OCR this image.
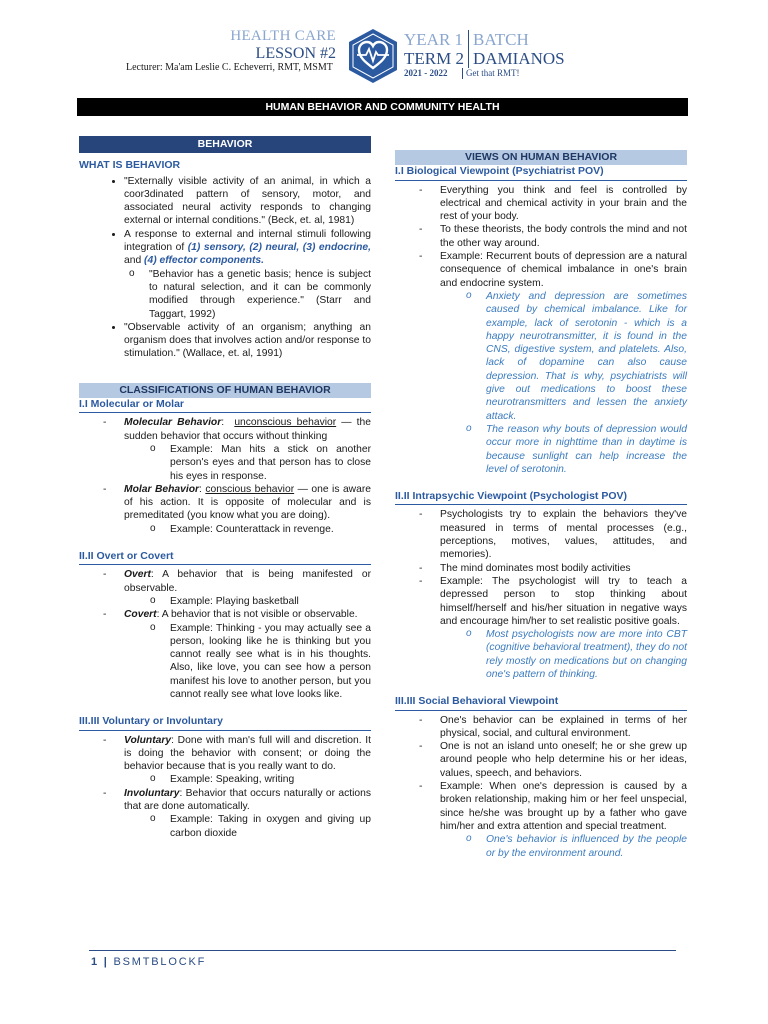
HEALTH CARE
LESSON #2
Lecturer: Ma'am Leslie C. Echeverri, RMT, MSMT
YEAR 1
TERM 2
BATCH
DAMIANOS
2021 - 2022	Get that RMT!
HUMAN BEHAVIOR AND COMMUNITY HEALTH
BEHAVIOR
WHAT IS BEHAVIOR
• "Externally visible activity of an animal, in which a coor3dinated pattern of sensory, motor, and associated neural activity responds to changing external or internal conditions." (Beck, et. al, 1981)
• A response to external and internal stimuli following integration of (1) sensory, (2) neural, (3) endocrine, and (4) effector components.
o "Behavior has a genetic basis; hence is subject to natural selection, and it can be commonly modified through experience." (Starr and Taggart, 1992)
• "Observable activity of an organism; anything an organism does that involves action and/or response to stimulation." (Wallace, et. al, 1991)
CLASSIFICATIONS OF HUMAN BEHAVIOR
I.I Molecular or Molar
- Molecular Behavior:  unconscious behavior — the sudden behavior that occurs without thinking
o Example: Man hits a stick on another person's eyes and that person has to close his eyes in response.
- Molar Behavior: conscious behavior — one is aware of his action. It is opposite of molecular and is premeditated (you know what you are doing).
o Example: Counterattack in revenge.
II.II Overt or Covert
- Overt: A behavior that is being manifested or observable.
o Example: Playing basketball
- Covert: A behavior that is not visible or observable.
o Example: Thinking - you may actually see a person, looking like he is thinking but you cannot really see what is in his thoughts. Also, like love, you can see how a person manifest his love to another person, but you cannot really see what love looks like.
III.III Voluntary or Involuntary
- Voluntary: Done with man's full will and discretion. It is doing the behavior with consent; or doing the behavior because that is you really want to do.
o Example: Speaking, writing
- Involuntary: Behavior that occurs naturally or actions that are done automatically.
o Example: Taking in oxygen and giving up carbon dioxide
VIEWS ON HUMAN BEHAVIOR
I.I Biological Viewpoint (Psychiatrist POV)
- Everything you think and feel is controlled by electrical and chemical activity in your brain and the rest of your body.
- To these theorists, the body controls the mind and not the other way around.
- Example: Recurrent bouts of depression are a natural consequence of chemical imbalance in one's brain and endocrine system.
o Anxiety and depression are sometimes caused by chemical imbalance. Like for example, lack of serotonin - which is a happy neurotransmitter, it is found in the CNS, digestive system, and platelets. Also, lack of dopamine can also cause depression. That is why, psychiatrists will give out medications to boost these neurotransmitters and lessen the anxiety attack.
o The reason why bouts of depression would occur more in nighttime than in daytime is because sunlight can help increase the level of serotonin.
II.II Intrapsychic Viewpoint (Psychologist POV)
- Psychologists try to explain the behaviors they've measured in terms of mental processes (e.g., perceptions, motives, values, attitudes, and memories).
- The mind dominates most bodily activities
- Example: The psychologist will try to teach a depressed person to stop thinking about himself/herself and his/her situation in negative ways and encourage him/her to set realistic positive goals.
o Most psychologists now are more into CBT (cognitive behavioral treatment), they do not rely mostly on medications but on changing one's pattern of thinking.
III.III Social Behavioral Viewpoint
- One's behavior can be explained in terms of her physical, social, and cultural environment.
- One is not an island unto oneself; he or she grew up around people who help determine his or her ideas, values, speech, and behaviors.
- Example: When one's depression is caused by a broken relationship, making him or her feel unspecial, since he/she was brought up by a father who gave him/her and extra attention and special treatment.
o One's behavior is influenced by the people or by the environment around.
1 | BSMTBLOCKF
